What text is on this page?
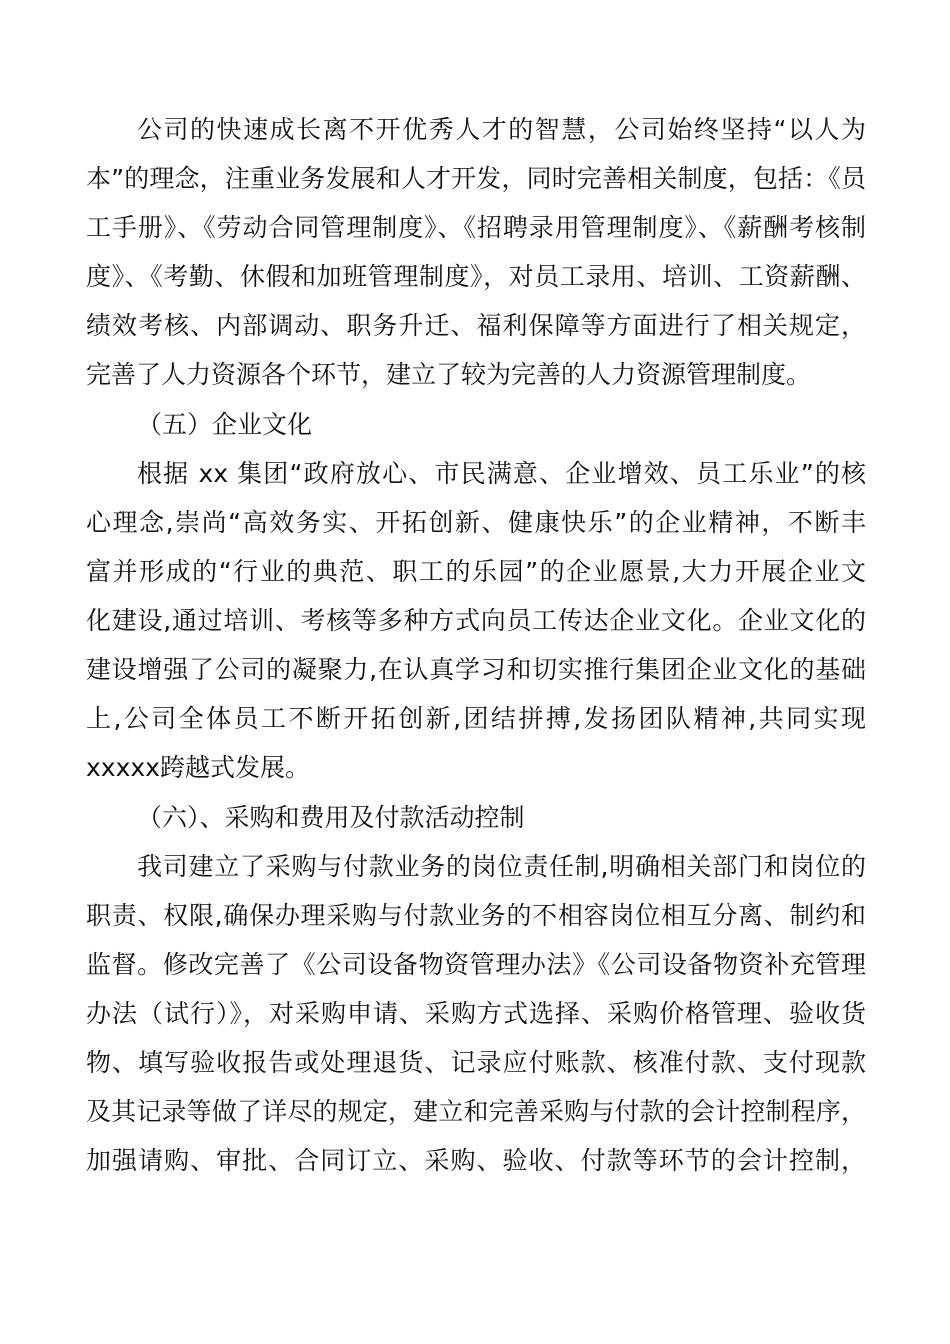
公司的快速成长离不开优秀人才的智慧，公司始终坚持“以人为
本”的理念，注重业务发展和人才开发，同时完善相关制度，包括：《员
工手册》、《劳动合同管理制度》、《招聘录用管理制度》、《薪酬考核制
度》、《考勤、休假和加班管理制度》，对员工录用、培训、工资薪酬、
绩效考核、内部调动、职务升迁、福利保障等方面进行了相关规定，
完善了人力资源各个环节，建立了较为完善的人力资源管理制度。
（五）企业文化
根据 xx 集团“政府放心、市民满意、企业增效、员工乐业”的核
心理念,崇尚“高效务实、开拓创新、健康快乐”的企业精神，不断丰
富并形成的“行业的典范、职工的乐园”的企业愿景,大力开展企业文
化建设,通过培训、考核等多种方式向员工传达企业文化。企业文化的
建设增强了公司的凝聚力,在认真学习和切实推行集团企业文化的基础
上,公司全体员工不断开拓创新,团结拼搏,发扬团队精神,共同实现
xxxxx跨越式发展。
（六）、采购和费用及付款活动控制
我司建立了采购与付款业务的岗位责任制,明确相关部门和岗位的
职责、权限,确保办理采购与付款业务的不相容岗位相互分离、制约和
监督。修改完善了《公司设备物资管理办法》《公司设备物资补充管理
办法（试行）》，对采购申请、采购方式选择、采购价格管理、验收货
物、填写验收报告或处理退货、记录应付账款、核准付款、支付现款
及其记录等做了详尽的规定，建立和完善采购与付款的会计控制程序，
加强请购、审批、合同订立、采购、验收、付款等环节的会计控制，
